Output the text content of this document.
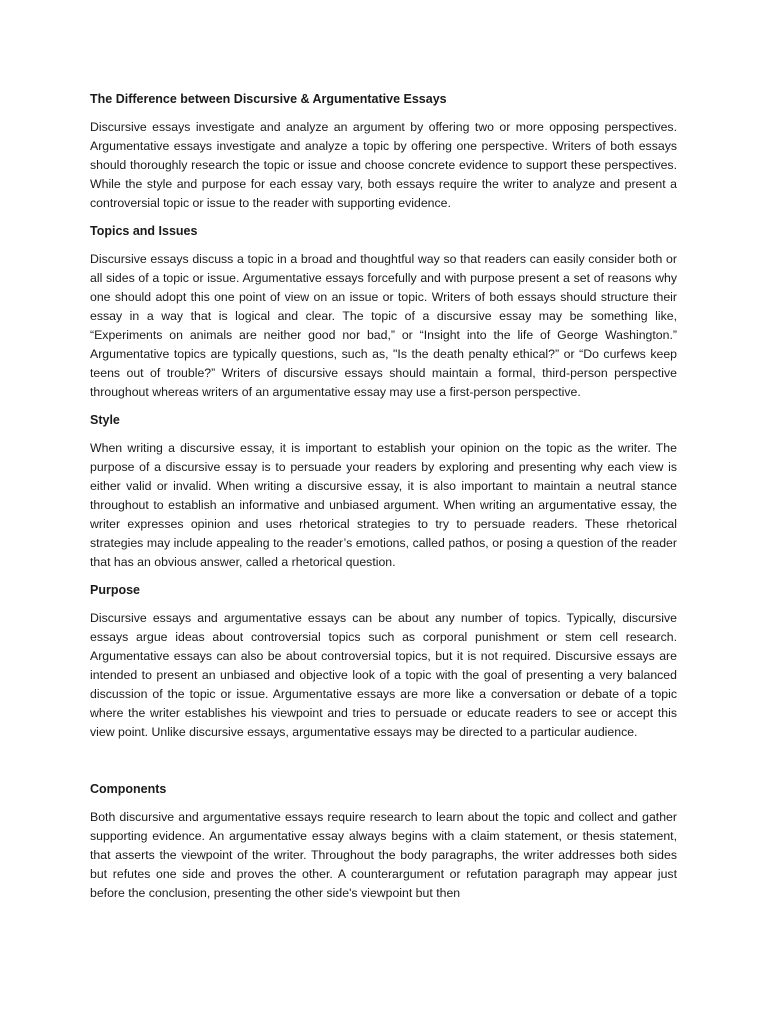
The Difference between Discursive & Argumentative Essays
Discursive essays investigate and analyze an argument by offering two or more opposing perspectives. Argumentative essays investigate and analyze a topic by offering one perspective. Writers of both essays should thoroughly research the topic or issue and choose concrete evidence to support these perspectives. While the style and purpose for each essay vary, both essays require the writer to analyze and present a controversial topic or issue to the reader with supporting evidence.
Topics and Issues
Discursive essays discuss a topic in a broad and thoughtful way so that readers can easily consider both or all sides of a topic or issue. Argumentative essays forcefully and with purpose present a set of reasons why one should adopt this one point of view on an issue or topic. Writers of both essays should structure their essay in a way that is logical and clear. The topic of a discursive essay may be something like, “Experiments on animals are neither good nor bad,” or “Insight into the life of George Washington.” Argumentative topics are typically questions, such as, "Is the death penalty ethical?” or “Do curfews keep teens out of trouble?” Writers of discursive essays should maintain a formal, third-person perspective throughout whereas writers of an argumentative essay may use a first-person perspective.
Style
When writing a discursive essay, it is important to establish your opinion on the topic as the writer. The purpose of a discursive essay is to persuade your readers by exploring and presenting why each view is either valid or invalid. When writing a discursive essay, it is also important to maintain a neutral stance throughout to establish an informative and unbiased argument. When writing an argumentative essay, the writer expresses opinion and uses rhetorical strategies to try to persuade readers. These rhetorical strategies may include appealing to the reader’s emotions, called pathos, or posing a question of the reader that has an obvious answer, called a rhetorical question.
Purpose
Discursive essays and argumentative essays can be about any number of topics. Typically, discursive essays argue ideas about controversial topics such as corporal punishment or stem cell research. Argumentative essays can also be about controversial topics, but it is not required. Discursive essays are intended to present an unbiased and objective look of a topic with the goal of presenting a very balanced discussion of the topic or issue. Argumentative essays are more like a conversation or debate of a topic where the writer establishes his viewpoint and tries to persuade or educate readers to see or accept this view point. Unlike discursive essays, argumentative essays may be directed to a particular audience.
Components
Both discursive and argumentative essays require research to learn about the topic and collect and gather supporting evidence. An argumentative essay always begins with a claim statement, or thesis statement, that asserts the viewpoint of the writer. Throughout the body paragraphs, the writer addresses both sides but refutes one side and proves the other. A counterargument or refutation paragraph may appear just before the conclusion, presenting the other side's viewpoint but then
